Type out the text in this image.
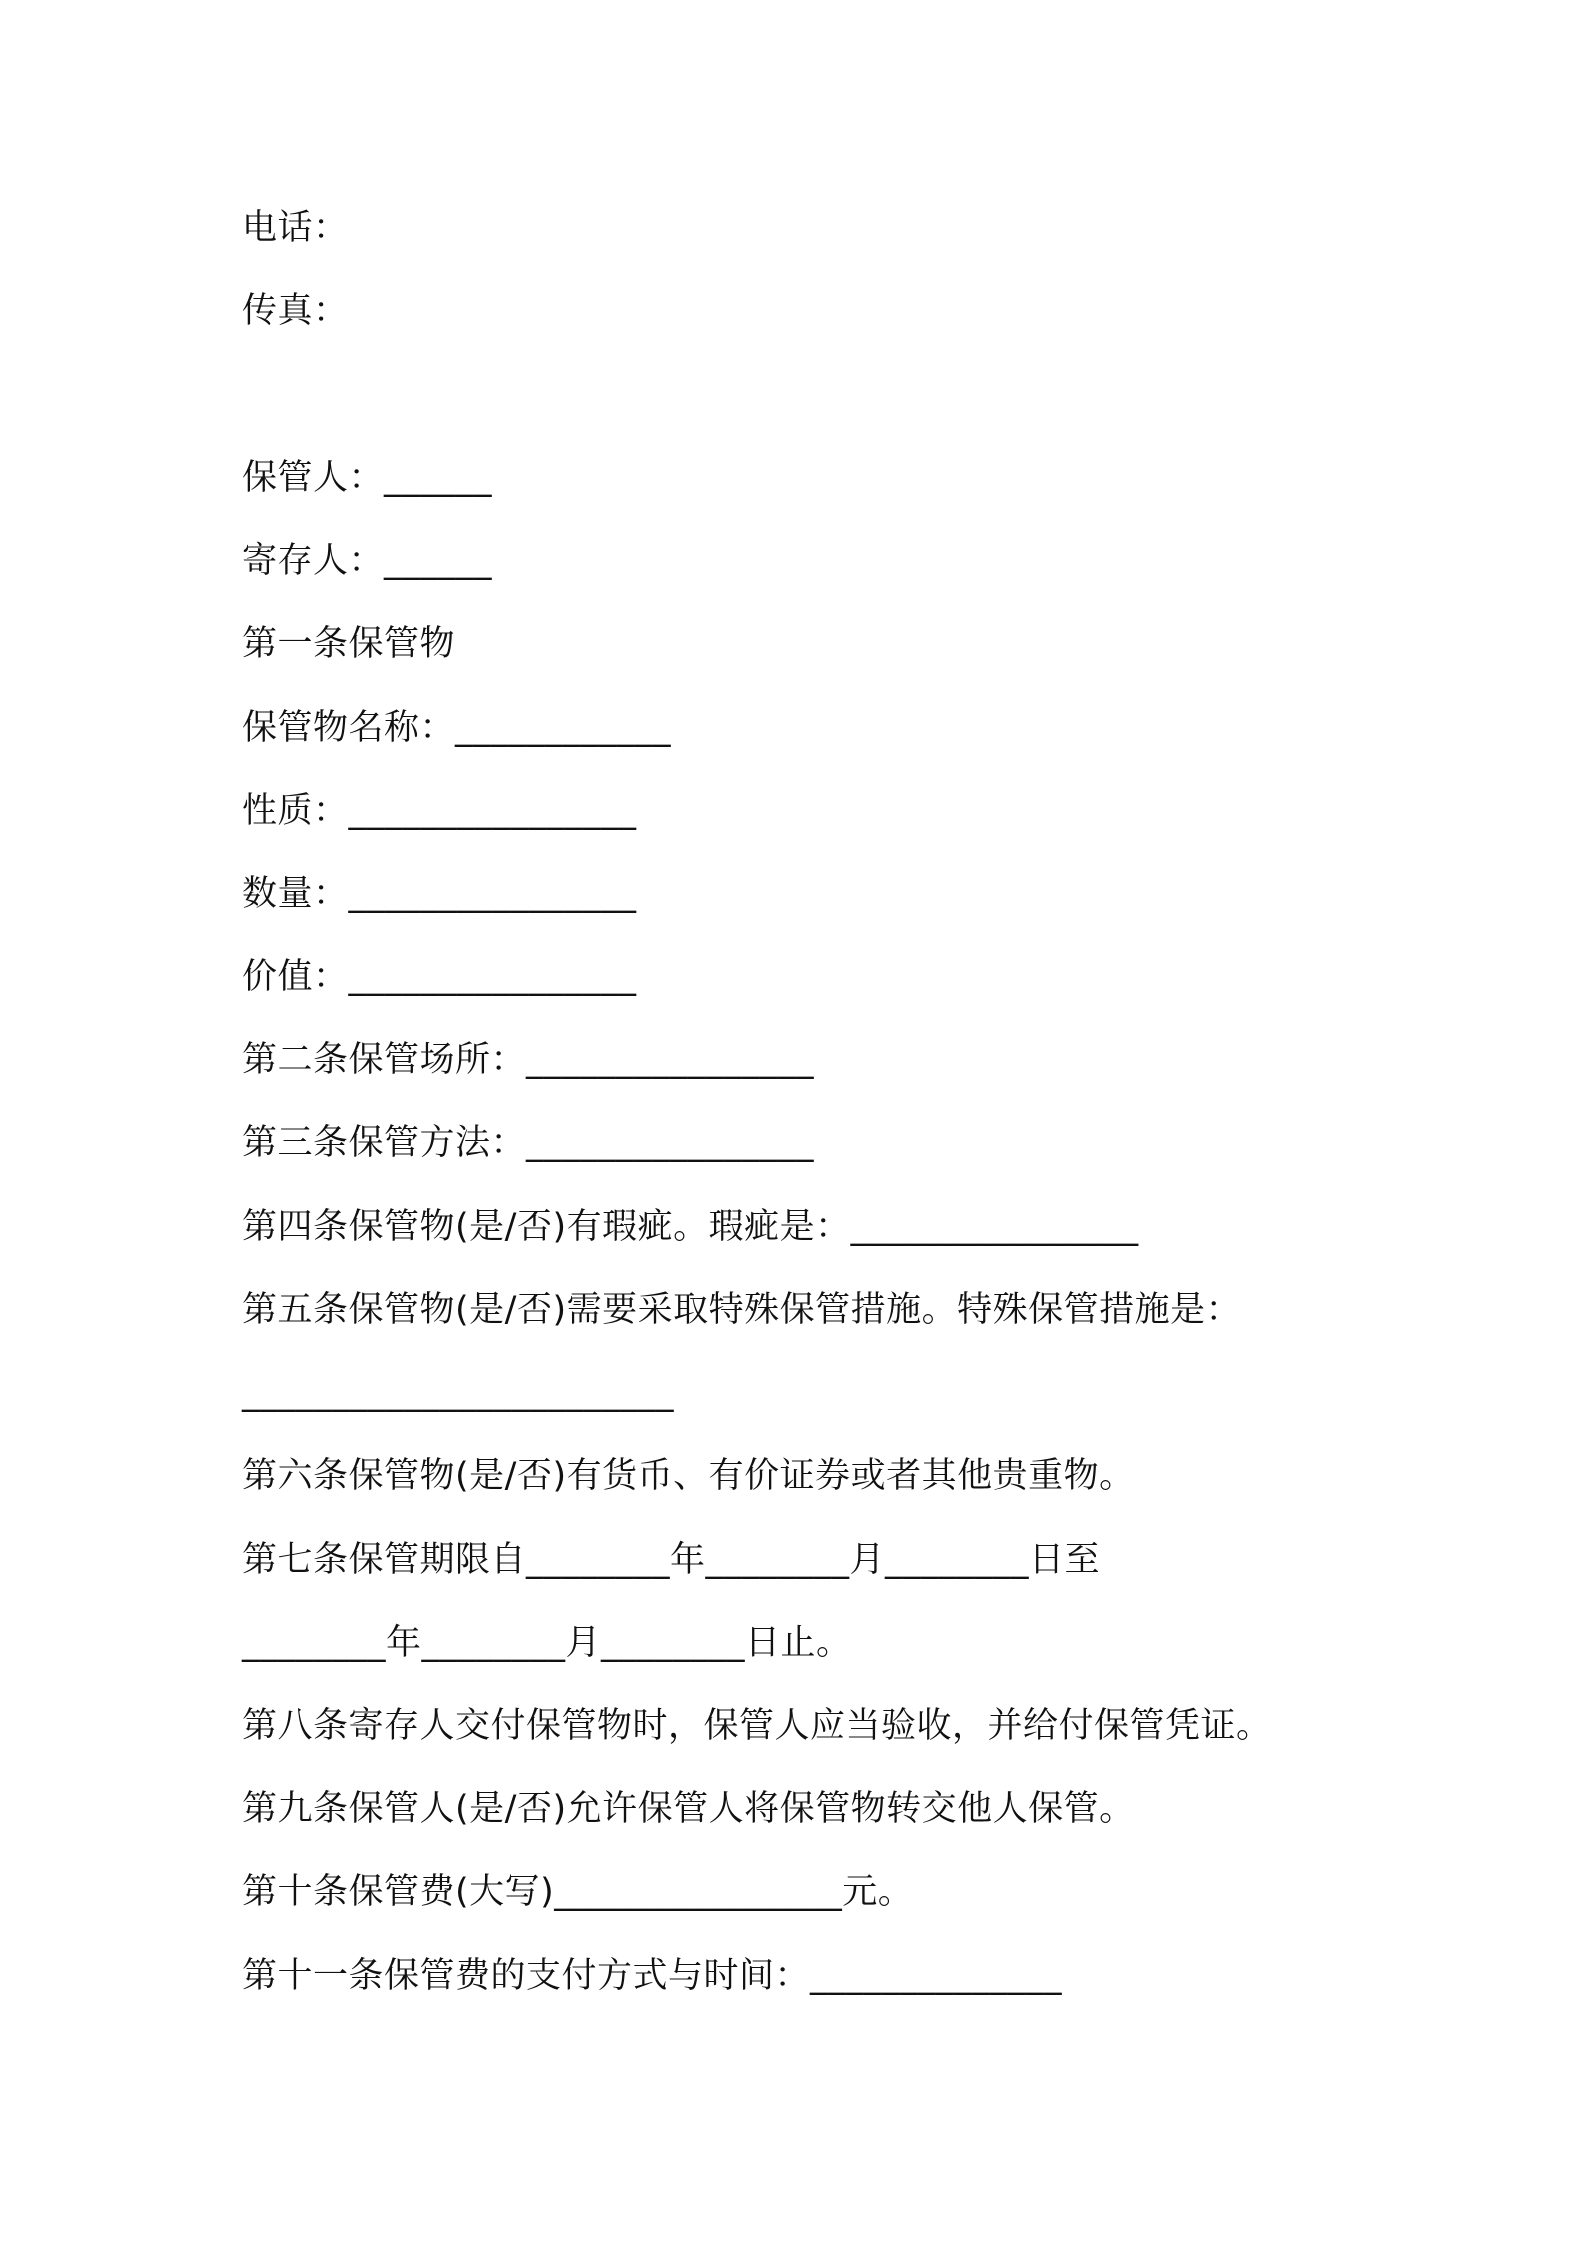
电话：
传真：
保管人：______
寄存人：______
第一条保管物
保管物名称：____________
性质：________________
数量：________________
价值：________________
第二条保管场所：________________
第三条保管方法：________________
第四条保管物(是/否)有瑕疵。瑕疵是：________________
第五条保管物(是/否)需要采取特殊保管措施。特殊保管措施是：
________________________
第六条保管物(是/否)有货币、有价证券或者其他贵重物。
第七条保管期限自________年________月________日至
________年________月________日止。
第八条寄存人交付保管物时，保管人应当验收，并给付保管凭证。
第九条保管人(是/否)允许保管人将保管物转交他人保管。
第十条保管费(大写)________________元。
第十一条保管费的支付方式与时间：______________
